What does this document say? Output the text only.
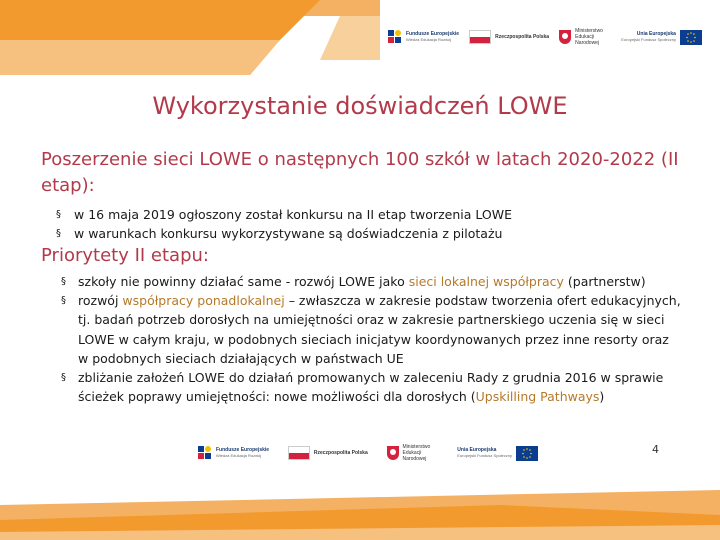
Fundusze Europejskie
Wiedza Edukacja Rozwój	Rzeczpospolita Polska
Ministerstwo Edukacji Narodowej
Unia Europejska
Europejski Fundusz Społeczny
Wykorzystanie doświadczeń LOWE
Poszerzenie sieci LOWE o następnych 100 szkół w latach 2020-2022 (II etap):
§ w 16 maja 2019 ogłoszony został konkursu na II etap tworzenia LOWE
§ w warunkach konkursu wykorzystywane są doświadczenia z pilotażu
Priorytety II etapu:
§ szkoły nie powinny działać same - rozwój LOWE jako sieci lokalnej współpracy (partnerstw)
§ rozwój współpracy ponadlokalnej – zwłaszcza w zakresie podstaw tworzenia ofert edukacyjnych, tj. badań potrzeb dorosłych na umiejętności oraz w zakresie partnerskiego uczenia się w sieci LOWE w całym kraju, w podobnych sieciach inicjatyw koordynowanych przez inne resorty oraz w podobnych sieciach działających w państwach UE
§ zbliżanie założeń LOWE do działań promowanych w zaleceniu Rady z grudnia 2016 w sprawie ścieżek poprawy umiejętności: nowe możliwości dla dorosłych (Upskilling Pathways)
Fundusze Europejskie
Wiedza Edukacja Rozwój	Rzeczpospolita Polska
Ministerstwo Edukacji Narodowej
Unia Europejska
Europejski Fundusz Społeczny	4
